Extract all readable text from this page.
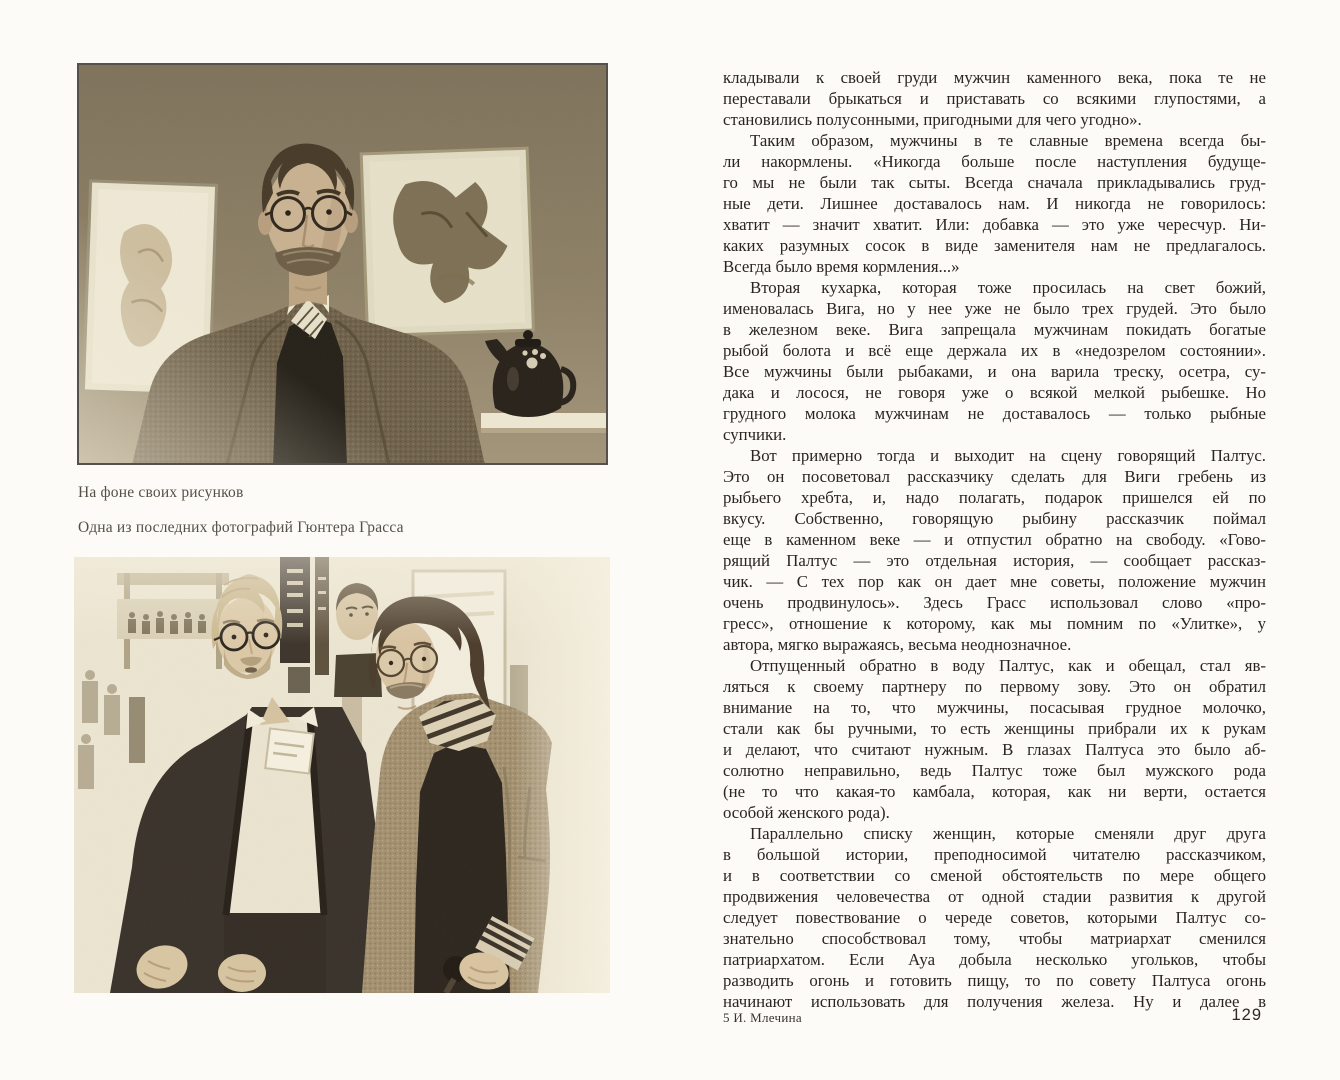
На фоне своих рисунков
Одна из последних фотографий Гюнтера Грасса
кладывали к своей груди мужчин каменного века, пока те не
переставали брыкаться и приставать со всякими глупостями, а
становились полусонными, пригодными для чего угодно».
Таким образом, мужчины в те славные времена всегда бы-
ли накормлены. «Никогда больше после наступления будуще-
го мы не были так сыты. Всегда сначала прикладывались груд-
ные дети. Лишнее доставалось нам. И никогда не говорилось:
хватит — значит хватит. Или: добавка — это уже чересчур. Ни-
каких разумных сосок в виде заменителя нам не предлагалось.
Всегда было время кормления...»
Вторая кухарка, которая тоже просилась на свет божий,
именовалась Вига, но у нее уже не было трех грудей. Это было
в железном веке. Вига запрещала мужчинам покидать богатые
рыбой болота и всё еще держала их в «недозрелом состоянии».
Все мужчины были рыбаками, и она варила треску, осетра, су-
дака и лосося, не говоря уже о всякой мелкой рыбешке. Но
грудного молока мужчинам не доставалось — только рыбные
супчики.
Вот примерно тогда и выходит на сцену говорящий Палтус.
Это он посоветовал рассказчику сделать для Виги гребень из
рыбьего хребта, и, надо полагать, подарок пришелся ей по
вкусу. Собственно, говорящую рыбину рассказчик поймал
еще в каменном веке — и отпустил обратно на свободу. «Гово-
рящий Палтус — это отдельная история, — сообщает рассказ-
чик. — С тех пор как он дает мне советы, положение мужчин
очень продвинулось». Здесь Грасс использовал слово «про-
гресс», отношение к которому, как мы помним по «Улитке», у
автора, мягко выражаясь, весьма неоднозначное.
Отпущенный обратно в воду Палтус, как и обещал, стал яв-
ляться к своему партнеру по первому зову. Это он обратил
внимание на то, что мужчины, посасывая грудное молочко,
стали как бы ручными, то есть женщины прибрали их к рукам
и делают, что считают нужным. В глазах Палтуса это было аб-
солютно неправильно, ведь Палтус тоже был мужского рода
(не то что какая-то камбала, которая, как ни верти, остается
особой женского рода).
Параллельно списку женщин, которые сменяли друг друга
в большой истории, преподносимой читателю рассказчиком,
и в соответствии со сменой обстоятельств по мере общего
продвижения человечества от одной стадии развития к другой
следует повествование о череде советов, которыми Палтус со-
знательно способствовал тому, чтобы матриархат сменился
патриархатом. Если Ауа добыла несколько угольков, чтобы
разводить огонь и готовить пищу, то по совету Палтуса огонь
начинают использовать для получения железа. Ну и далее в
5 И. Млечина	129
